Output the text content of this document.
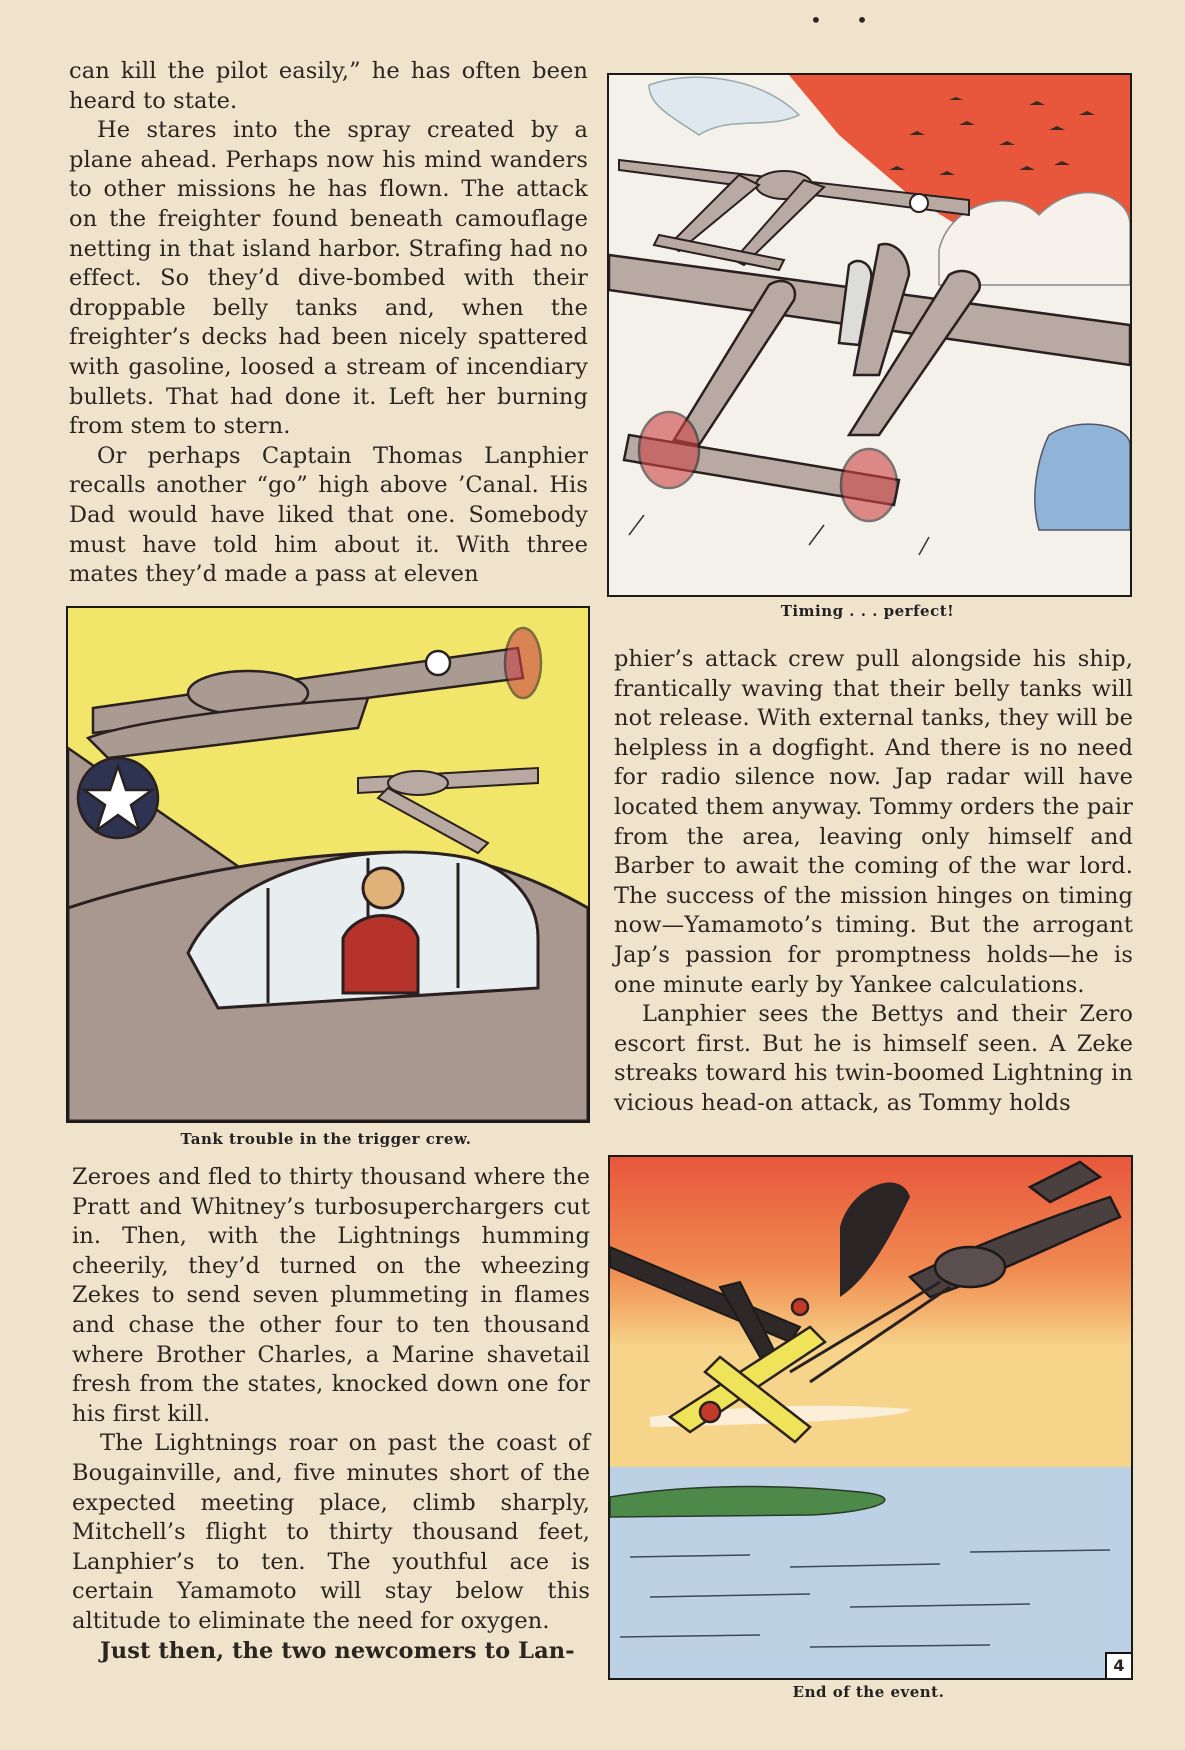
• •

can kill the pilot easily,” he has often been heard to state.

He stares into the spray created by a plane ahead. Perhaps now his mind wanders to other missions he has flown. The attack on the freighter found beneath camouflage netting in that island harbor. Strafing had no effect. So they’d dive-bombed with their droppable belly tanks and, when the freighter’s decks had been nicely spattered with gasoline, loosed a stream of incendiary bullets. That had done it. Left her burning from stem to stern.

Or perhaps Captain Thomas Lanphier recalls another “go” high above ’Canal. His Dad would have liked that one. Somebody must have told him about it. With three mates they’d made a pass at eleven

Timing . . . perfect!
Tank trouble in the trigger crew.

phier’s attack crew pull alongside his ship, frantically waving that their belly tanks will not release. With external tanks, they will be helpless in a dogfight. And there is no need for radio silence now. Jap radar will have located them anyway. Tommy orders the pair from the area, leaving only himself and Barber to await the coming of the war lord. The success of the mission hinges on timing now—Yamamoto’s timing. But the arrogant Jap’s passion for promptness holds—he is one minute early by Yankee calculations.

Lanphier sees the Bettys and their Zero escort first. But he is himself seen. A Zeke streaks toward his twin-boomed Lightning in vicious head-on attack, as Tommy holds

Zeroes and fled to thirty thousand where the Pratt and Whitney’s turbosuperchargers cut in. Then, with the Lightnings humming cheerily, they’d turned on the wheezing Zekes to send seven plummeting in flames and chase the other four to ten thousand where Brother Charles, a Marine shavetail fresh from the states, knocked down one for his first kill.

The Lightnings roar on past the coast of Bougainville, and, five minutes short of the expected meeting place, climb sharply, Mitchell’s flight to thirty thousand feet, Lanphier’s to ten. The youthful ace is certain Yamamoto will stay below this altitude to eliminate the need for oxygen.

Just then, the two newcomers to Lan-

4
End of the event.
